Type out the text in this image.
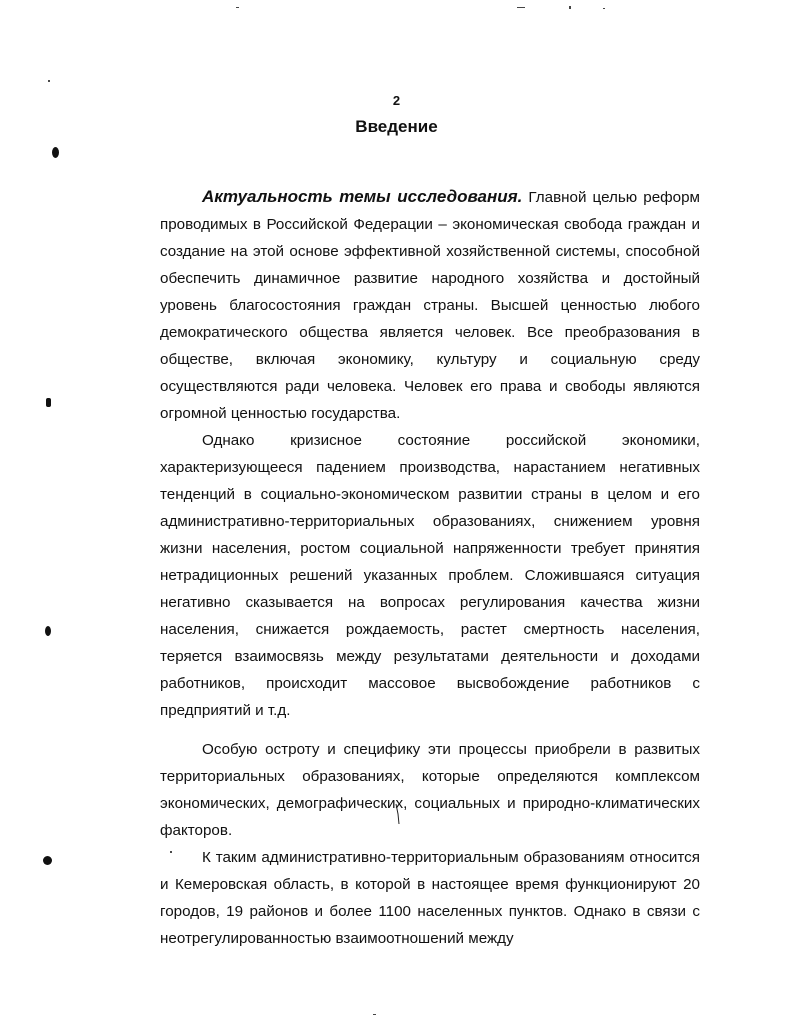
2
Введение

Актуальность темы исследования. Главной целью реформ проводимых в Российской Федерации – экономическая свобода граждан и создание на этой основе эффективной хозяйственной системы, способной обеспечить динамичное развитие народного хозяйства и достойный уровень благосостояния граждан страны. Высшей ценностью любого демократического общества является человек. Все преобразования в обществе, включая экономику, культуру и социальную среду осуществляются ради человека. Человек его права и свободы являются огромной ценностью государства.

Однако кризисное состояние российской экономики, характеризующееся падением производства, нарастанием негативных тенденций в социально-экономическом развитии страны в целом и его административно-территориальных образованиях, снижением уровня жизни населения, ростом социальной напряженности требует принятия нетрадиционных решений указанных проблем. Сложившаяся ситуация негативно сказывается на вопросах регулирования качества жизни населения, снижается рождаемость, растет смертность населения, теряется взаимосвязь между результатами деятельности и доходами работников, происходит массовое высвобождение работников с предприятий и т.д.

Особую остроту и специфику эти процессы приобрели в развитых территориальных образованиях, которые определяются комплексом экономических, демографических, социальных и природно-климатических факторов.

К таким административно-территориальным образованиям относится и Кемеровская область, в которой в настоящее время функционируют 20 городов, 19 районов и более 1100 населенных пунктов. Однако в связи с неотрегулированностью взаимоотношений между
